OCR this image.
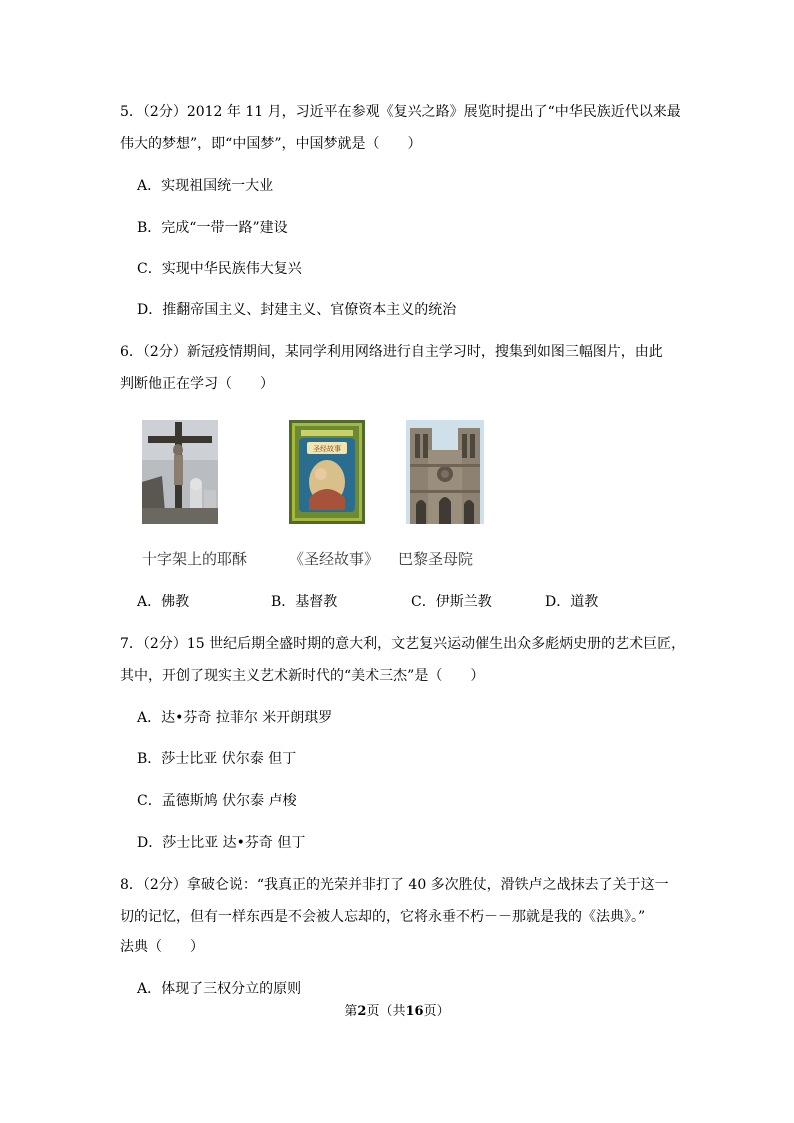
5．（2分）2012 年 11 月，习近平在参观《复兴之路》展览时提出了“中华民族近代以来最
伟大的梦想”，即“中国梦”，中国梦就是（　　）
A．实现祖国统一大业
B．完成“一带一路”建设
C．实现中华民族伟大复兴
D．推翻帝国主义、封建主义、官僚资本主义的统治
6．（2分）新冠疫情期间，某同学利用网络进行自主学习时，搜集到如图三幅图片，由此
判断他正在学习（　　）
圣经故事
十字架上的耶酥	《圣经故事》 巴黎圣母院
A．佛教	B．基督教	C．伊斯兰教	D．道教
7．（2分）15 世纪后期全盛时期的意大利，文艺复兴运动催生出众多彪炳史册的艺术巨匠，
其中，开创了现实主义艺术新时代的“美术三杰”是（　　）
A．达•芬奇 拉菲尔 米开朗琪罗
B．莎士比亚 伏尔泰 但丁
C．孟德斯鸠 伏尔泰 卢梭
D．莎士比亚 达•芬奇 但丁
8．（2分）拿破仑说：“我真正的光荣并非打了 40 多次胜仗，滑铁卢之战抹去了关于这一
切的记忆，但有一样东西是不会被人忘却的，它将永垂不朽－－那就是我的《法典》。”
法典（　　）
A．体现了三权分立的原则
第2页（共16页）
